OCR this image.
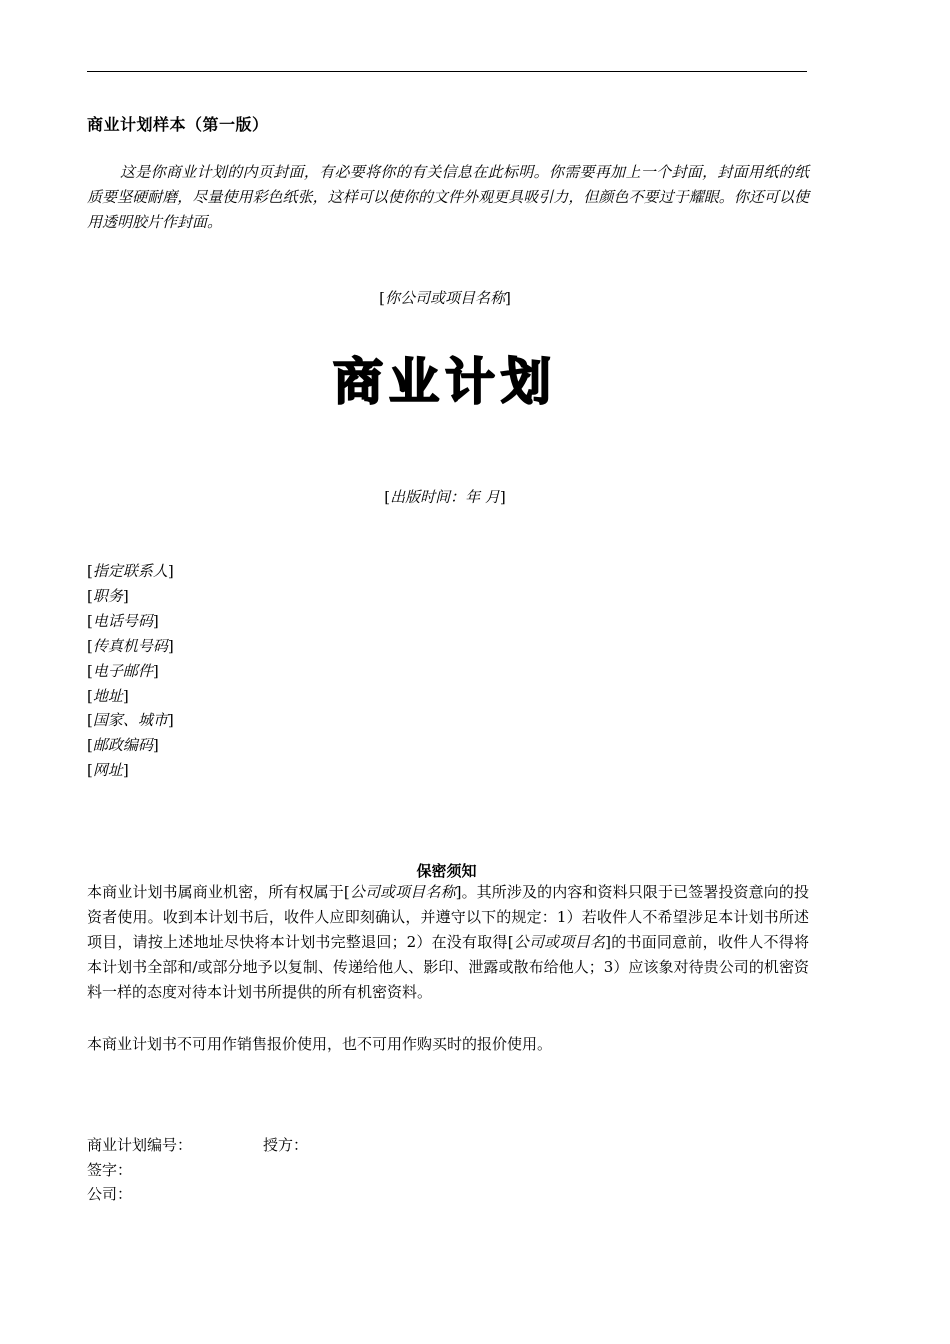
商业计划样本（第一版）
这是你商业计划的内页封面，有必要将你的有关信息在此标明。你需要再加上一个封面，封面用纸的纸质要坚硬耐磨，尽量使用彩色纸张，这样可以使你的文件外观更具吸引力，但颜色不要过于耀眼。你还可以使用透明胶片作封面。
[你公司或项目名称]
商业计划
[出版时间：年 月]
[指定联系人]
[职务]
[电话号码]
[传真机号码]
[电子邮件]
[地址]
[国家、城市]
[邮政编码]
[网址]
保密须知
本商业计划书属商业机密，所有权属于[公司或项目名称]。其所涉及的内容和资料只限于已签署投资意向的投资者使用。收到本计划书后，收件人应即刻确认，并遵守以下的规定：1）若收件人不希望涉足本计划书所述项目，请按上述地址尽快将本计划书完整退回；2）在没有取得[公司或项目名]的书面同意前，收件人不得将本计划书全部和/或部分地予以复制、传递给他人、影印、泄露或散布给他人；3）应该象对待贵公司的机密资料一样的态度对待本计划书所提供的所有机密资料。
本商业计划书不可用作销售报价使用，也不可用作购买时的报价使用。
商业计划编号：	授方：
签字：
公司：
